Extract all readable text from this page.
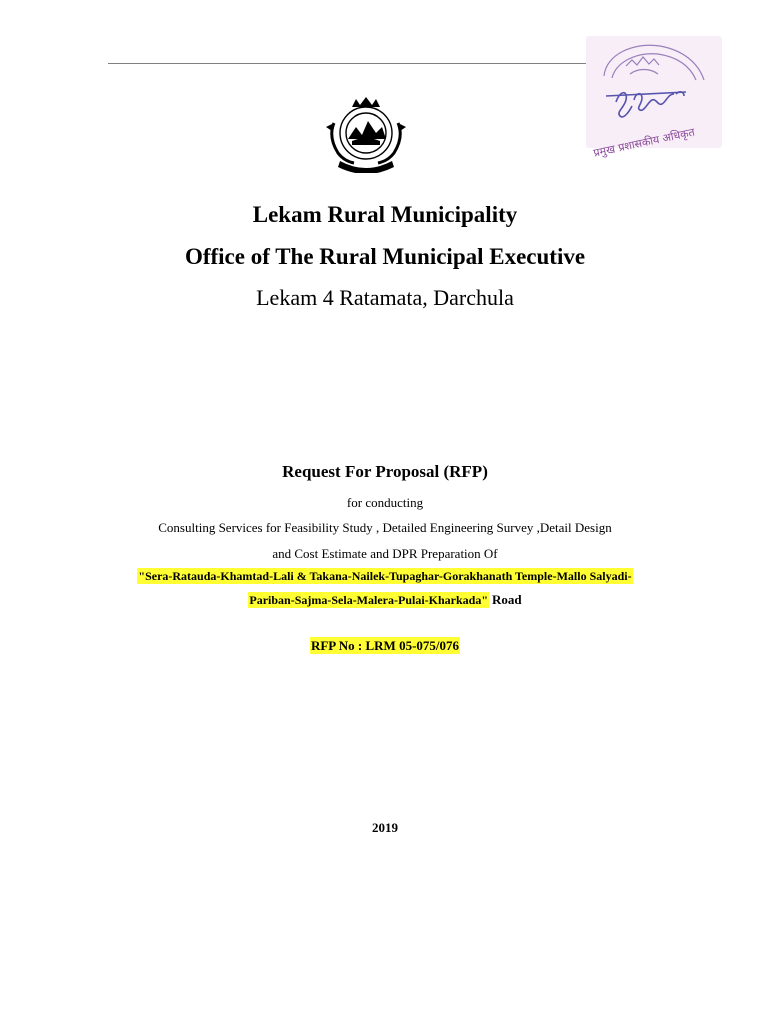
प्रमुख प्रशासकीय अधिकृत
Lekam Rural Municipality
Office of The Rural Municipal Executive
Lekam 4 Ratamata, Darchula
Request For Proposal (RFP)
for conducting
Consulting Services for Feasibility Study , Detailed Engineering Survey ,Detail Design
and Cost Estimate and DPR Preparation Of
"Sera-Ratauda-Khamtad-Lali & Takana-Nailek-Tupaghar-Gorakhanath Temple-Mallo Salyadi-
Pariban-Sajma-Sela-Malera-Pulai-Kharkada" Road
RFP No : LRM 05-075/076
2019
